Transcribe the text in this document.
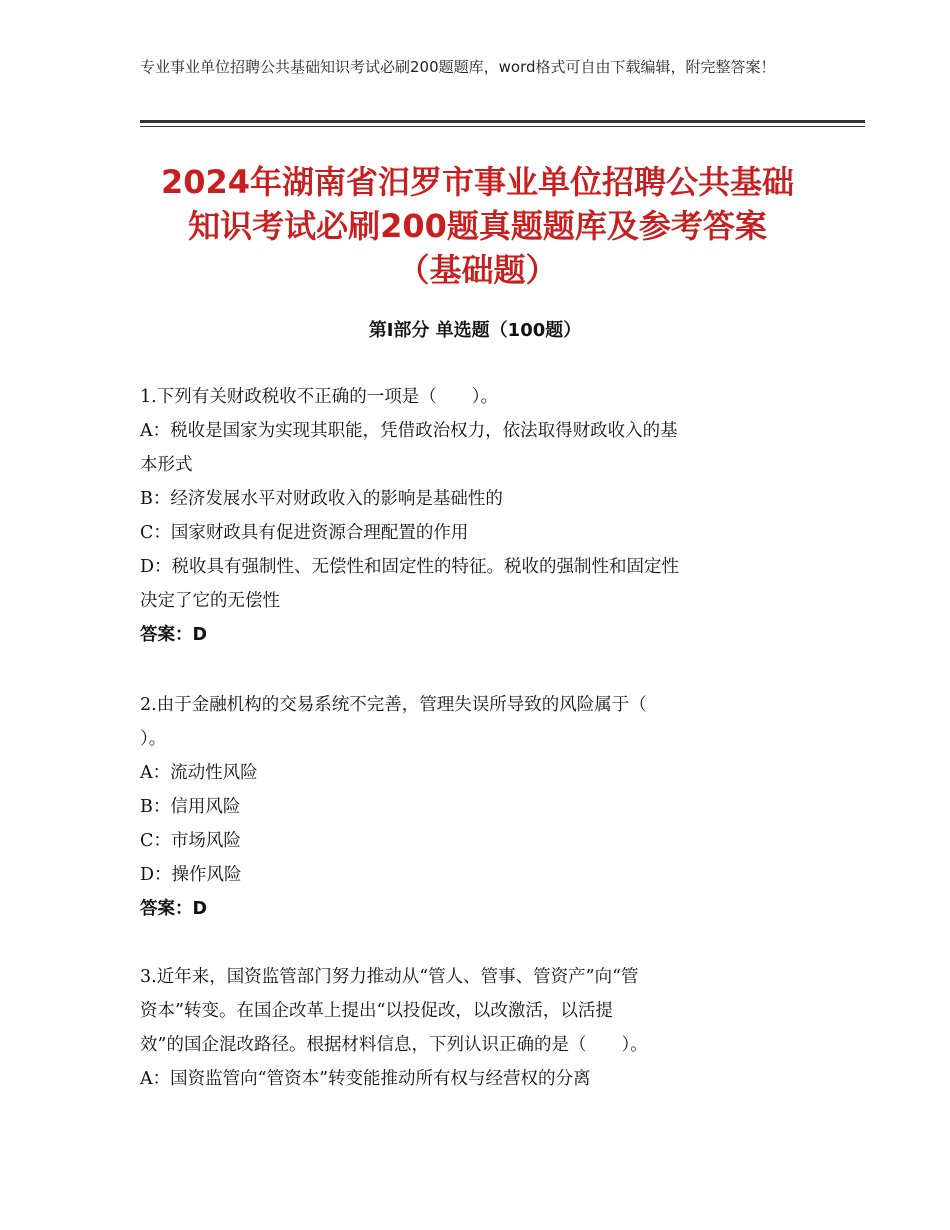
专业事业单位招聘公共基础知识考试必刷200题题库，word格式可自由下载编辑，附完整答案！
2024年湖南省汨罗市事业单位招聘公共基础
知识考试必刷200题真题题库及参考答案
（基础题）
第Ⅰ部分 单选题（100题）

1.下列有关财政税收不正确的一项是（　　）。

A：税收是国家为实现其职能，凭借政治权力，依法取得财政收入的基

本形式

B：经济发展水平对财政收入的影响是基础性的

C：国家财政具有促进资源合理配置的作用

D：税收具有强制性、无偿性和固定性的特征。税收的强制性和固定性

决定了它的无偿性

答案：D

2.由于金融机构的交易系统不完善，管理失误所导致的风险属于（

）。

A：流动性风险

B：信用风险

C：市场风险

D：操作风险

答案：D

3.近年来，国资监管部门努力推动从“管人、管事、管资产”向“管

资本”转变。在国企改革上提出“以投促改，以改激活，以活提

效”的国企混改路径。根据材料信息，下列认识正确的是（　　）。

A：国资监管向“管资本”转变能推动所有权与经营权的分离
